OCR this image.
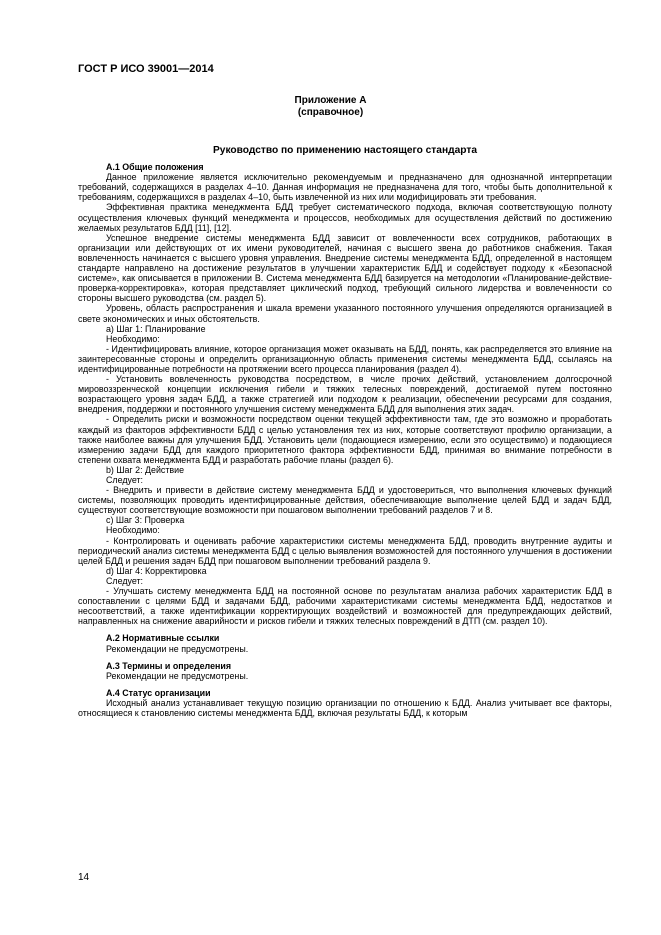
ГОСТ Р ИСО 39001—2014
Приложение А
(справочное)
Руководство по применению настоящего стандарта
А.1 Общие положения

Данное приложение является исключительно рекомендуемым и предназначено для однозначной интерпретации требований, содержащихся в разделах 4–10. Данная информация не предназначена для того, чтобы быть дополнительной к требованиям, содержащихся в разделах 4–10, быть извлеченной из них или модифицировать эти требования.

Эффективная практика менеджмента БДД требует систематического подхода, включая соответствующую полноту осуществления ключевых функций менеджмента и процессов, необходимых для осуществления действий по достижению желаемых результатов БДД [11], [12].

Успешное внедрение системы менеджмента БДД зависит от вовлеченности всех сотрудников, работающих в организации или действующих от их имени руководителей, начиная с высшего звена до работников снабжения. Такая вовлеченность начинается с высшего уровня управления. Внедрение системы менеджмента БДД, определенной в настоящем стандарте направлено на достижение результатов в улучшении характеристик БДД и содействует подходу к «Безопасной системе», как описывается в приложении В. Система менеджмента БДД базируется на методологии «Планирование-действие-проверка-корректировка», которая представляет циклический подход, требующий сильного лидерства и вовлеченности со стороны высшего руководства (см. раздел 5).

Уровень, область распространения и шкала времени указанного постоянного улучшения определяются организацией в свете экономических и иных обстоятельств.

а) Шаг 1: Планирование
Необходимо:

- Идентифицировать влияние, которое организация может оказывать на БДД, понять, как распределяется это влияние на заинтересованные стороны и определить организационную область применения системы менеджмента БДД, ссылаясь на идентифицированные потребности на протяжении всего процесса планирования (раздел 4).

- Установить вовлеченность руководства посредством, в числе прочих действий, установлением долгосрочной мировоззренческой концепции исключения гибели и тяжких телесных повреждений, достигаемой путем постоянно возрастающего уровня задач БДД, а также стратегией или подходом к реализации, обеспечении ресурсами для создания, внедрения, поддержки и постоянного улучшения систему менеджмента БДД для выполнения этих задач.

- Определить риски и возможности посредством оценки текущей эффективности там, где это возможно и проработать каждый из факторов эффективности БДД с целью установления тех из них, которые соответствуют профилю организации, а также наиболее важны для улучшения БДД. Установить цели (подающиеся измерению, если это осуществимо) и подающиеся измерению задачи БДД для каждого приоритетного фактора эффективности БДД, принимая во внимание потребности в степени охвата менеджмента БДД и разработать рабочие планы (раздел 6).

b) Шаг 2: Действие
Следует:

- Внедрить и привести в действие систему менеджмента БДД и удостовериться, что выполнения ключевых функций системы, позволяющих проводить идентифицированные действия, обеспечивающие выполнение целей БДД и задач БДД, существуют соответствующие возможности при пошаговом выполнении требований разделов 7 и 8.

с) Шаг 3: Проверка
Необходимо:

- Контролировать и оценивать рабочие характеристики системы менеджмента БДД, проводить внутренние аудиты и периодический анализ системы менеджмента БДД с целью выявления возможностей для постоянного улучшения в достижении целей БДД и решения задач БДД при пошаговом выполнении требований раздела 9.

d) Шаг 4: Корректировка
Следует:

- Улучшать систему менеджмента БДД на постоянной основе по результатам анализа рабочих характеристик БДД в сопоставлении с целями БДД и задачами БДД, рабочими характеристиками системы менеджмента БДД, недостатков и несоответствий, а также идентификации корректирующих воздействий и возможностей для предупреждающих действий, направленных на снижение аварийности и рисков гибели и тяжких телесных повреждений в ДТП (см. раздел 10).

А.2 Нормативные ссылки
Рекомендации не предусмотрены.
А.3 Термины и определения
Рекомендации не предусмотрены.
А.4 Статус организации

Исходный анализ устанавливает текущую позицию организации по отношению к БДД. Анализ учитывает все факторы, относящиеся к становлению системы менеджмента БДД, включая результаты БДД, к которым

14
